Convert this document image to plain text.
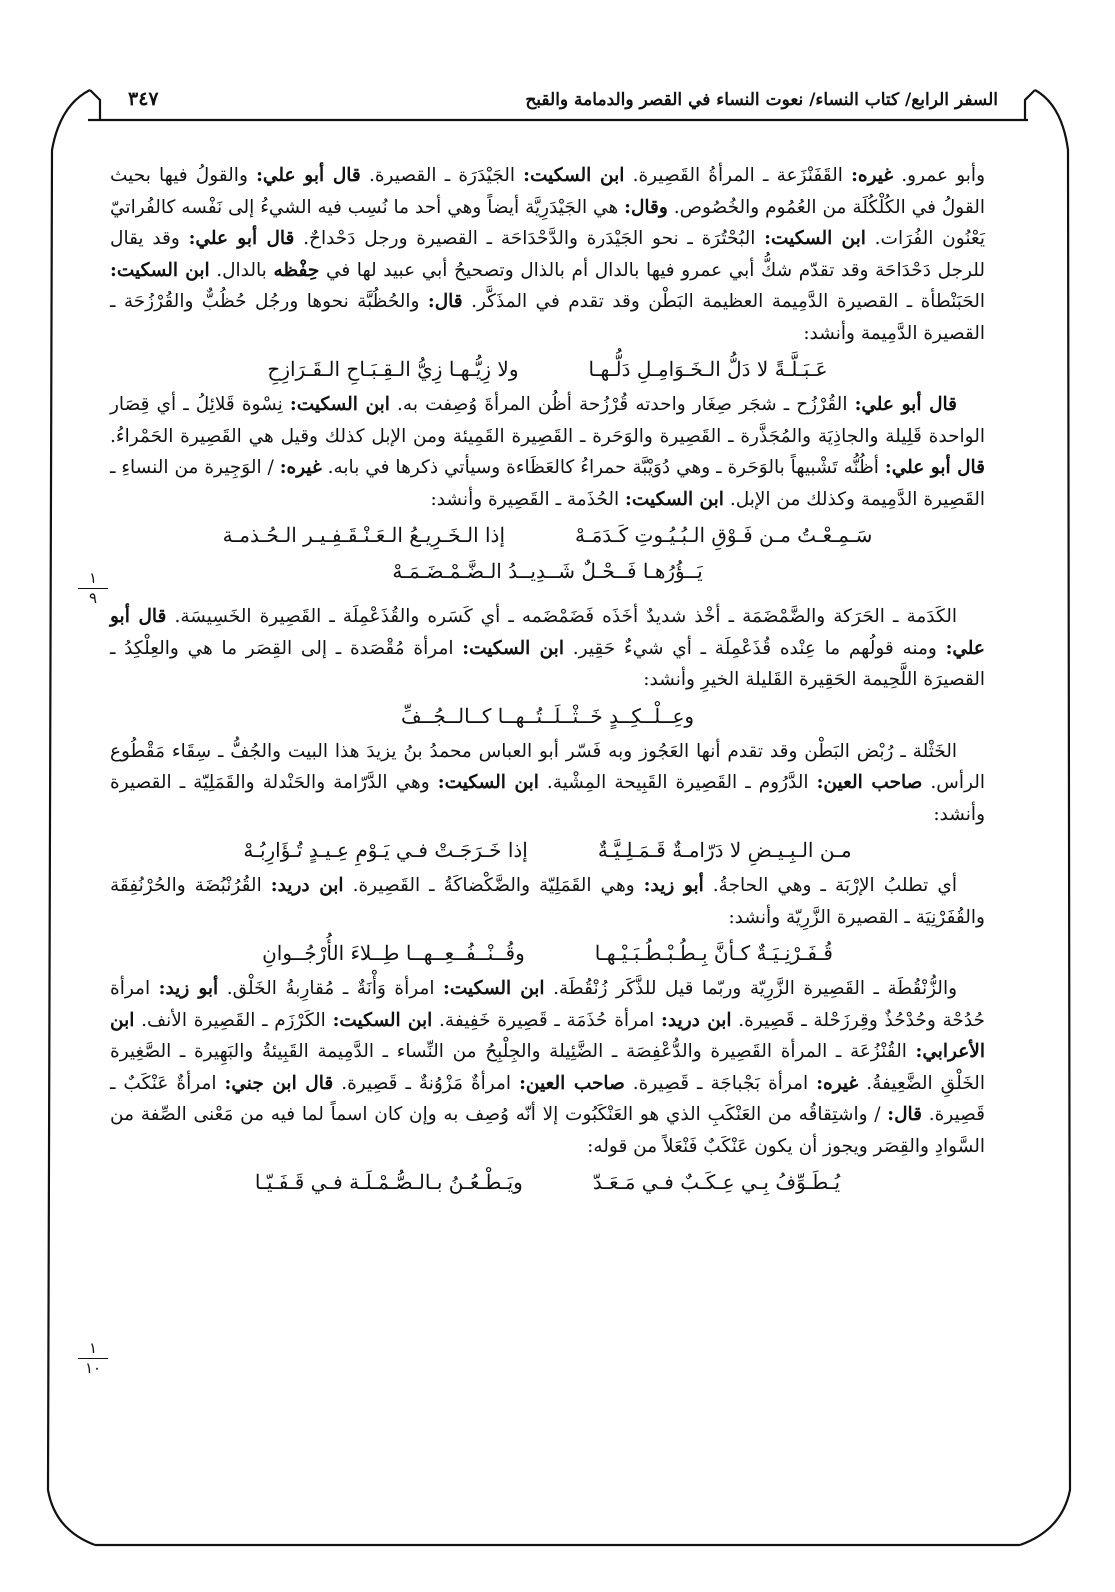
السفر الرابع/ كتاب النساء/ نعوت النساء في القصر والدمامة والقبح
٣٤٧
١
٩
١
١٠

وأبو عمرو. غيره: القَفَنْزَعة ـ المرأةُ القَصِيرة. ابن السكيت: الجَيْدَرَة ـ القصيرة. قال أبو علي: والقولُ فيها بحيث القولُ في الكُلْكُلَة من العُمُوم والخُصُوص. وقال: هي الجَيْدَرِيَّة أيضاً وهي أحد ما نُسِب فيه الشيءُ إلى نَفْسه كالفُراتيّ يَعْنُون الفُرَات. ابن السكيت: البُحْتُرَة ـ نحو الجَيْدَرة والدَّحْدَاحَة ـ القصيرة ورجل دَحْداحٌ. قال أبو علي: وقد يقال للرجل دَحْدَاحَة وقد تقدّم شكُّ أبي عمرو فيها بالدال أم بالذال وتصحيحُ أبي عبيد لها في حِفْظه بالدال. ابن السكيت: الحَبَنْطأة ـ القصيرة الدَّمِيمة العظيمة البَطْن وقد تقدم في المذَكَّر. قال: والحُظُبَّة نحوها ورجُل حُظُبٌّ والقُرْزُحَة ـ القصيرة الدَّمِيمة وأنشد:

عَـبَـلَّـةً لا دَلُّ الـخَـوَامِـلِ دَلُّـهـا
ولا زِيُّـهـا زِيُّ الـقِـبَـاحِ الـقَـرَازِحِ

قال أبو علي: القُرْزُح ـ شجَر صِغَار واحدته قُرْزُحة أظُن المرأةَ وُصِفت به. ابن السكيت: نِسْوة قَلائِلُ ـ أي قِصَار الواحدة قَلِيلة والجاذِيَة والمُجَذَّرة ـ القَصِيرة والوَحَرة ـ القَصِيرة القَمِيئة ومن الإبل كذلك وقيل هي القَصِيرة الحَمْراءُ. قال أبو علي: أظُنُّه تَشْبيهاً بالوَحَرة ـ وهي دُوَيْبَّة حمراءُ كالعَظَاءة وسيأتي ذكرها في بابه. غيره: / الوَجِيرة من النساءِ ـ القَصِيرة الدَّمِيمة وكذلك من الإبل. ابن السكيت: الحُذَمة ـ القَصِيرة وأنشد:

سَـمِـعْـتُ مـن فَـوْقِ الـبُـيُـوتِ كَـدَمَـهْ
إذا الـخَـرِيـعُ الـعَـنْـقَـفِـيـر الـحُـذمـة
يَــؤُرُهـا فَــحْـلٌ شَــدِيــدُ الـضَّـمْـضَـمَـهْ

الكَدَمة ـ الحَرَكة والضَّمْضَمَة ـ أخْذ شديدٌ أخَذَه فَضَمْضَمه ـ أي كَسَره والقُذَعْمِلَة ـ القَصِيرة الخَسِيسَة. قال أبو علي: ومنه قولُهم ما عِنْده قُذَعْمِلَة ـ أي شيءٌ حَقِير. ابن السكيت: امرأة مُقْصَدة ـ إلى القِصَر ما هي والعِلْكِدُ ـ القصيرَة اللَّحِيمة الحَقِيرة القَليلة الخيرِ وأنشد:

وعِــلْــكِــدٍ خَــثْــلَــتُــهــا كــالــجُــفِّ

الخَثْلة ـ رُبْض البَطْن وقد تقدم أنها العَجُوز وبه فَسّر أبو العباس محمدُ بنُ يزيدَ هذا البيت والجُفُّ ـ سِقَاء مَقْطُوع الرأس. صاحب العين: الدَّرُوم ـ القَصِيرة القَبِيحة المِشْية. ابن السكيت: وهي الدَّرّامة والحَنْدلة والقَمَلِيّة ـ القصيرة وأنشد:

مـن الـبِـيـضِ لا دَرّامـةٌ قَـمَـلِـيَّـةٌ
إذا خَـرَجَـتْ فـي يَـوْمِ عِـيـدٍ تُـؤَارِبُـهْ

أي تطلبُ الإرْبَة ـ وهي الحاجةُ. أبو زيد: وهي القَمَلِيّة والضَّكْضاكَةُ ـ القَصِيرة. ابن دريد: القُرُنْبُضَة والحُرْنُفِقَة والقُفَرْنِيَة ـ القصيرة الزَّرِيّة وأنشد:

قُـفَـرْنِـيَـةٌ كـأنَّ بِـطُـبْـطُـبَـيْـهـا
وقُــنْــفُــعِــهــا طِــلاءَ الأُرْجُــوانِ

والزُّنْقُطَة ـ القَصِيرة الزَّرِيّة وربّما قيل للذَّكَر زُنْقُطَة. ابن السكيت: امرأة وَأْنَةٌ ـ مُقارِبةُ الخَلْق. أبو زيد: امرأة حُدُحْة وحُدْحُذٌ وقِرزَحْلة ـ قَصِيرة. ابن دريد: امرأة حُذَمَة ـ قَصِيرة خَفِيفة. ابن السكيت: الكَرْزَم ـ القَصِيرة الأنف. ابن الأعرابي: القُنْزُعَة ـ المرأة القَصِيرة والدُّعْفِصَة ـ الضَّئِيلة والجِلْبِحُ من النِّساء ـ الدَّمِيمة القَبِيئةُ والبَهِيرة ـ الصَّغِيرة الخَلْقِ الضَّعِيفةُ. غيره: امرأة بَجْباجَة ـ قَصِيرة. صاحب العين: امرأةٌ مَزْوُنةٌ ـ قَصِيرة. قال ابن جني: امرأةٌ عَنْكَبٌ ـ قَصِيرة. قال: / واشتِقاقُه من العَنْكَبِ الذي هو العَنْكَبُوت إلا أنّه وُصِف به وإن كان اسماً لما فيه من مَعْنى الصِّفة من السَّوادِ والقِصَر ويجوز أن يكون عَنْكَبٌ فَنْعَلاً من قوله:

يُـطَـوِّفُ بِـي عِـكَـبٌ فـي مَـعَـدّ
ويَـطْـعُـنُ بـالـصُّـمْـلَـة فـي قَـفَـيّـا
